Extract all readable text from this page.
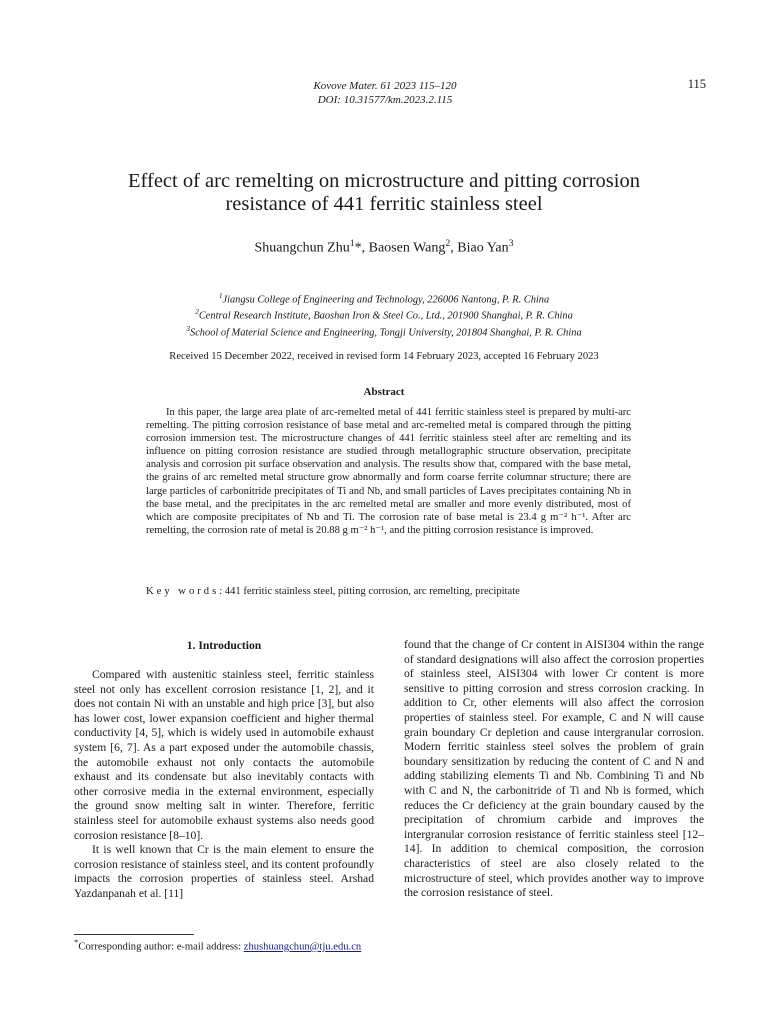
Kovove Mater. 61 2023 115–120
DOI: 10.31577/km.2023.2.115
115
Effect of arc remelting on microstructure and pitting corrosion
resistance of 441 ferritic stainless steel
Shuangchun Zhu$^1$*, Baosen Wang$^2$, Biao Yan$^3$
$^1$Jiangsu College of Engineering and Technology, 226006 Nantong, P. R. China
$^2$Central Research Institute, Baoshan Iron & Steel Co., Ltd., 201900 Shanghai, P. R. China
$^3$School of Material Science and Engineering, Tongji University, 201804 Shanghai, P. R. China
Received 15 December 2022, received in revised form 14 February 2023, accepted 16 February 2023
Abstract

In this paper, the large area plate of arc-remelted metal of 441 ferritic stainless steel is prepared by multi-arc remelting. The pitting corrosion resistance of base metal and arc-remelted metal is compared through the pitting corrosion immersion test. The microstructure changes of 441 ferritic stainless steel after arc remelting and its influence on pitting corrosion resistance are studied through metallographic structure observation, precipitate analysis and corrosion pit surface observation and analysis. The results show that, compared with the base metal, the grains of arc remelted metal structure grow abnormally and form coarse ferrite columnar structure; there are large particles of carbonitride precipitates of Ti and Nb, and small particles of Laves precipitates containing Nb in the base metal, and the precipitates in the arc remelted metal are smaller and more evenly distributed, most of which are composite precipitates of Nb and Ti. The corrosion rate of base metal is 23.4 g m⁻² h⁻¹. After arc remelting, the corrosion rate of metal is 20.88 g m⁻² h⁻¹, and the pitting corrosion resistance is improved.

Key words: 441 ferritic stainless steel, pitting corrosion, arc remelting, precipitate
1. Introduction

Compared with austenitic stainless steel, ferritic stainless steel not only has excellent corrosion resistance [1, 2], and it does not contain Ni with an unstable and high price [3], but also has lower cost, lower expansion coefficient and higher thermal conductivity [4, 5], which is widely used in automobile exhaust system [6, 7]. As a part exposed under the automobile chassis, the automobile exhaust not only contacts the automobile exhaust and its condensate but also inevitably contacts with other corrosive media in the external environment, especially the ground snow melting salt in winter. Therefore, ferritic stainless steel for automobile exhaust systems also needs good corrosion resistance [8–10].

It is well known that Cr is the main element to ensure the corrosion resistance of stainless steel, and its content profoundly impacts the corrosion properties of stainless steel. Arshad Yazdanpanah et al. [11]

found that the change of Cr content in AISI304 within the range of standard designations will also affect the corrosion properties of stainless steel, AISI304 with lower Cr content is more sensitive to pitting corrosion and stress corrosion cracking. In addition to Cr, other elements will also affect the corrosion properties of stainless steel. For example, C and N will cause grain boundary Cr depletion and cause intergranular corrosion. Modern ferritic stainless steel solves the problem of grain boundary sensitization by reducing the content of C and N and adding stabilizing elements Ti and Nb. Combining Ti and Nb with C and N, the carbonitride of Ti and Nb is formed, which reduces the Cr deficiency at the grain boundary caused by the precipitation of chromium carbide and improves the intergranular corrosion resistance of ferritic stainless steel [12–14]. In addition to chemical composition, the corrosion characteristics of steel are also closely related to the microstructure of steel, which provides another way to improve the corrosion resistance of steel.

*Corresponding author: e-mail address: zhushuangchun@tju.edu.cn
